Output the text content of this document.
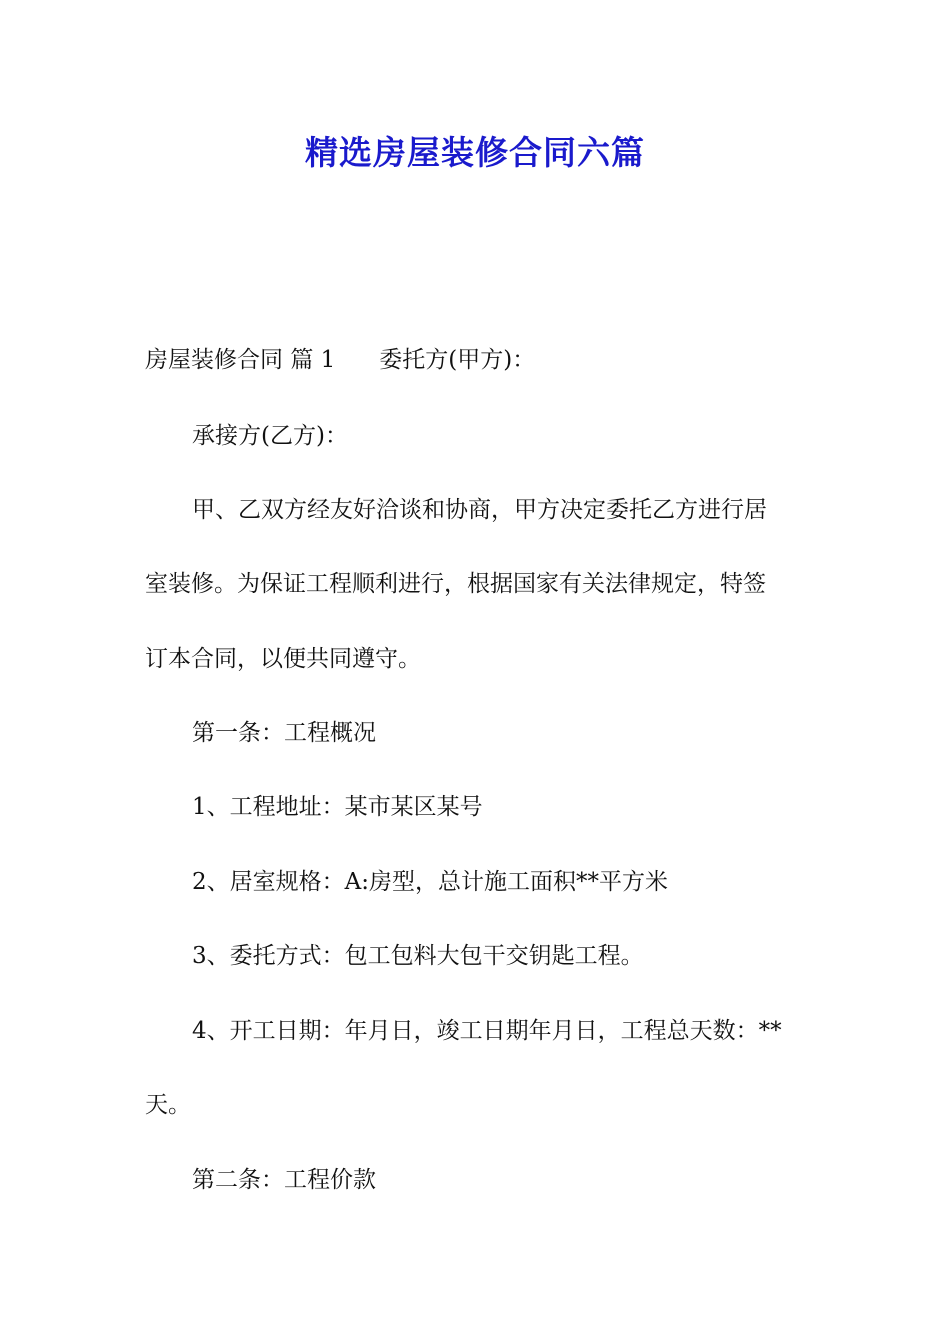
精选房屋装修合同六篇
房屋装修合同 篇 1 委托方(甲方)：
承接方(乙方)：
甲、乙双方经友好洽谈和协商，甲方决定委托乙方进行居
室装修。为保证工程顺利进行，根据国家有关法律规定，特签
订本合同，以便共同遵守。
第一条：工程概况
1、工程地址：某市某区某号
2、居室规格：A:房型，总计施工面积**平方米
3、委托方式：包工包料大包干交钥匙工程。
4、开工日期：年月日，竣工日期年月日，工程总天数：**
天。
第二条：工程价款
